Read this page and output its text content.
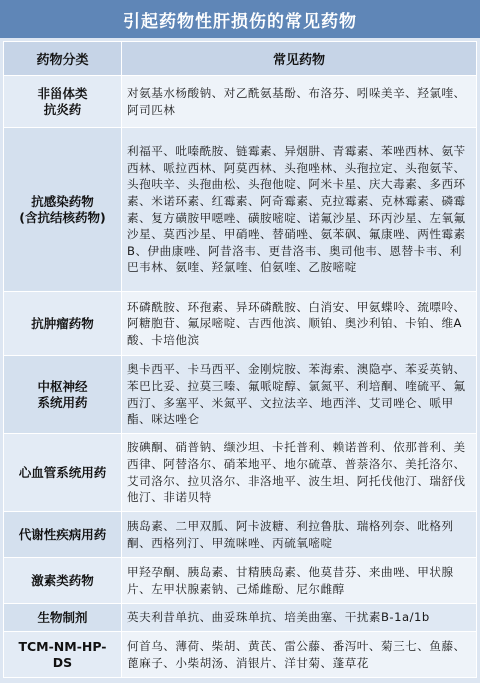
引起药物性肝损伤的常见药物
药物分类	常见药物
非甾体类
抗炎药	对氨基水杨酸钠、对乙酰氨基酚、布洛芬、吲哚美辛、羟氯喹、阿司匹林
抗感染药物
(含抗结核药物)	利福平、吡嗪酰胺、链霉素、异烟肼、青霉素、苯唑西林、氨苄西林、哌拉西林、阿莫西林、头孢唑林、头孢拉定、头孢氨苄、头孢呋辛、头孢曲松、头孢他啶、阿米卡星、庆大毒素、多西环素、米诺环素、红霉素、阿奇霉素、克拉霉素、克林霉素、磷霉素、复方磺胺甲噁唑、磺胺嘧啶、诺氟沙星、环丙沙星、左氧氟沙星、莫西沙星、甲硝唑、替硝唑、氨苯砜、氟康唑、两性霉素B、伊曲康唑、阿昔洛韦、更昔洛韦、奥司他韦、恩替卡韦、利巴韦林、氨喹、羟氯喹、伯氨喹、乙胺嘧啶
抗肿瘤药物	环磷酰胺、环孢素、异环磷酰胺、白消安、甲氨蝶呤、巯嘌呤、阿糖胞苷、氟尿嘧啶、吉西他滨、顺铂、奥沙利铂、卡铂、维A酸、卡培他滨
中枢神经
系统用药	奥卡西平、卡马西平、金刚烷胺、苯海索、澳隐亭、苯妥英钠、苯巴比妥、拉莫三嗪、氟哌啶醇、氯氮平、利培酮、喹硫平、氟西汀、多塞平、米氮平、文拉法辛、地西泮、艾司唑仑、哌甲酯、咪达唑仑
心血管系统用药	胺碘酮、硝普钠、缬沙坦、卡托普利、赖诺普利、依那普利、美西律、阿替洛尔、硝苯地平、地尔硫䓬、普萘洛尔、美托洛尔、艾司洛尔、拉贝洛尔、非洛地平、波生坦、阿托伐他汀、瑞舒伐他汀、非诺贝特
代谢性疾病用药	胰岛素、二甲双胍、阿卡波糖、利拉鲁肽、瑞格列奈、吡格列酮、西格列汀、甲巯咪唑、丙硫氧嘧啶
激素类药物	甲羟孕酮、胰岛素、甘精胰岛素、他莫昔芬、来曲唑、甲状腺片、左甲状腺素钠、己烯雌酚、尼尔雌醇
生物制剂	英夫利昔单抗、曲妥珠单抗、培美曲塞、干扰素B-1a/1b
TCM-NM-HP- DS	何首乌、薄荷、柴胡、黄芪、雷公藤、番泻叶、菊三七、鱼藤、蓖麻子、小柴胡汤、消银片、洋甘菊、蓬草花
